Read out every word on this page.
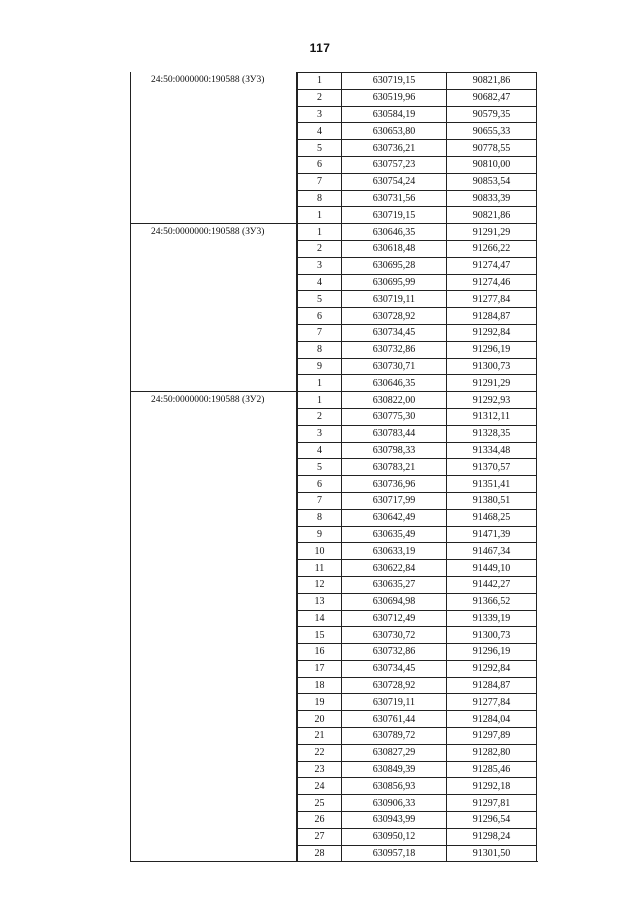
117
24:50:0000000:190588 (ЗУ3)	1	630719,15	90821,86
2	630519,96	90682,47
3	630584,19	90579,35
4	630653,80	90655,33
5	630736,21	90778,55
6	630757,23	90810,00
7	630754,24	90853,54
8	630731,56	90833,39
1	630719,15	90821,86
24:50:0000000:190588 (ЗУ3)	1	630646,35	91291,29
2	630618,48	91266,22
3	630695,28	91274,47
4	630695,99	91274,46
5	630719,11	91277,84
6	630728,92	91284,87
7	630734,45	91292,84
8	630732,86	91296,19
9	630730,71	91300,73
1	630646,35	91291,29
24:50:0000000:190588 (ЗУ2)	1	630822,00	91292,93
2	630775,30	91312,11
3	630783,44	91328,35
4	630798,33	91334,48
5	630783,21	91370,57
6	630736,96	91351,41
7	630717,99	91380,51
8	630642,49	91468,25
9	630635,49	91471,39
10	630633,19	91467,34
11	630622,84	91449,10
12	630635,27	91442,27
13	630694,98	91366,52
14	630712,49	91339,19
15	630730,72	91300,73
16	630732,86	91296,19
17	630734,45	91292,84
18	630728,92	91284,87
19	630719,11	91277,84
20	630761,44	91284,04
21	630789,72	91297,89
22	630827,29	91282,80
23	630849,39	91285,46
24	630856,93	91292,18
25	630906,33	91297,81
26	630943,99	91296,54
27	630950,12	91298,24
28	630957,18	91301,50
